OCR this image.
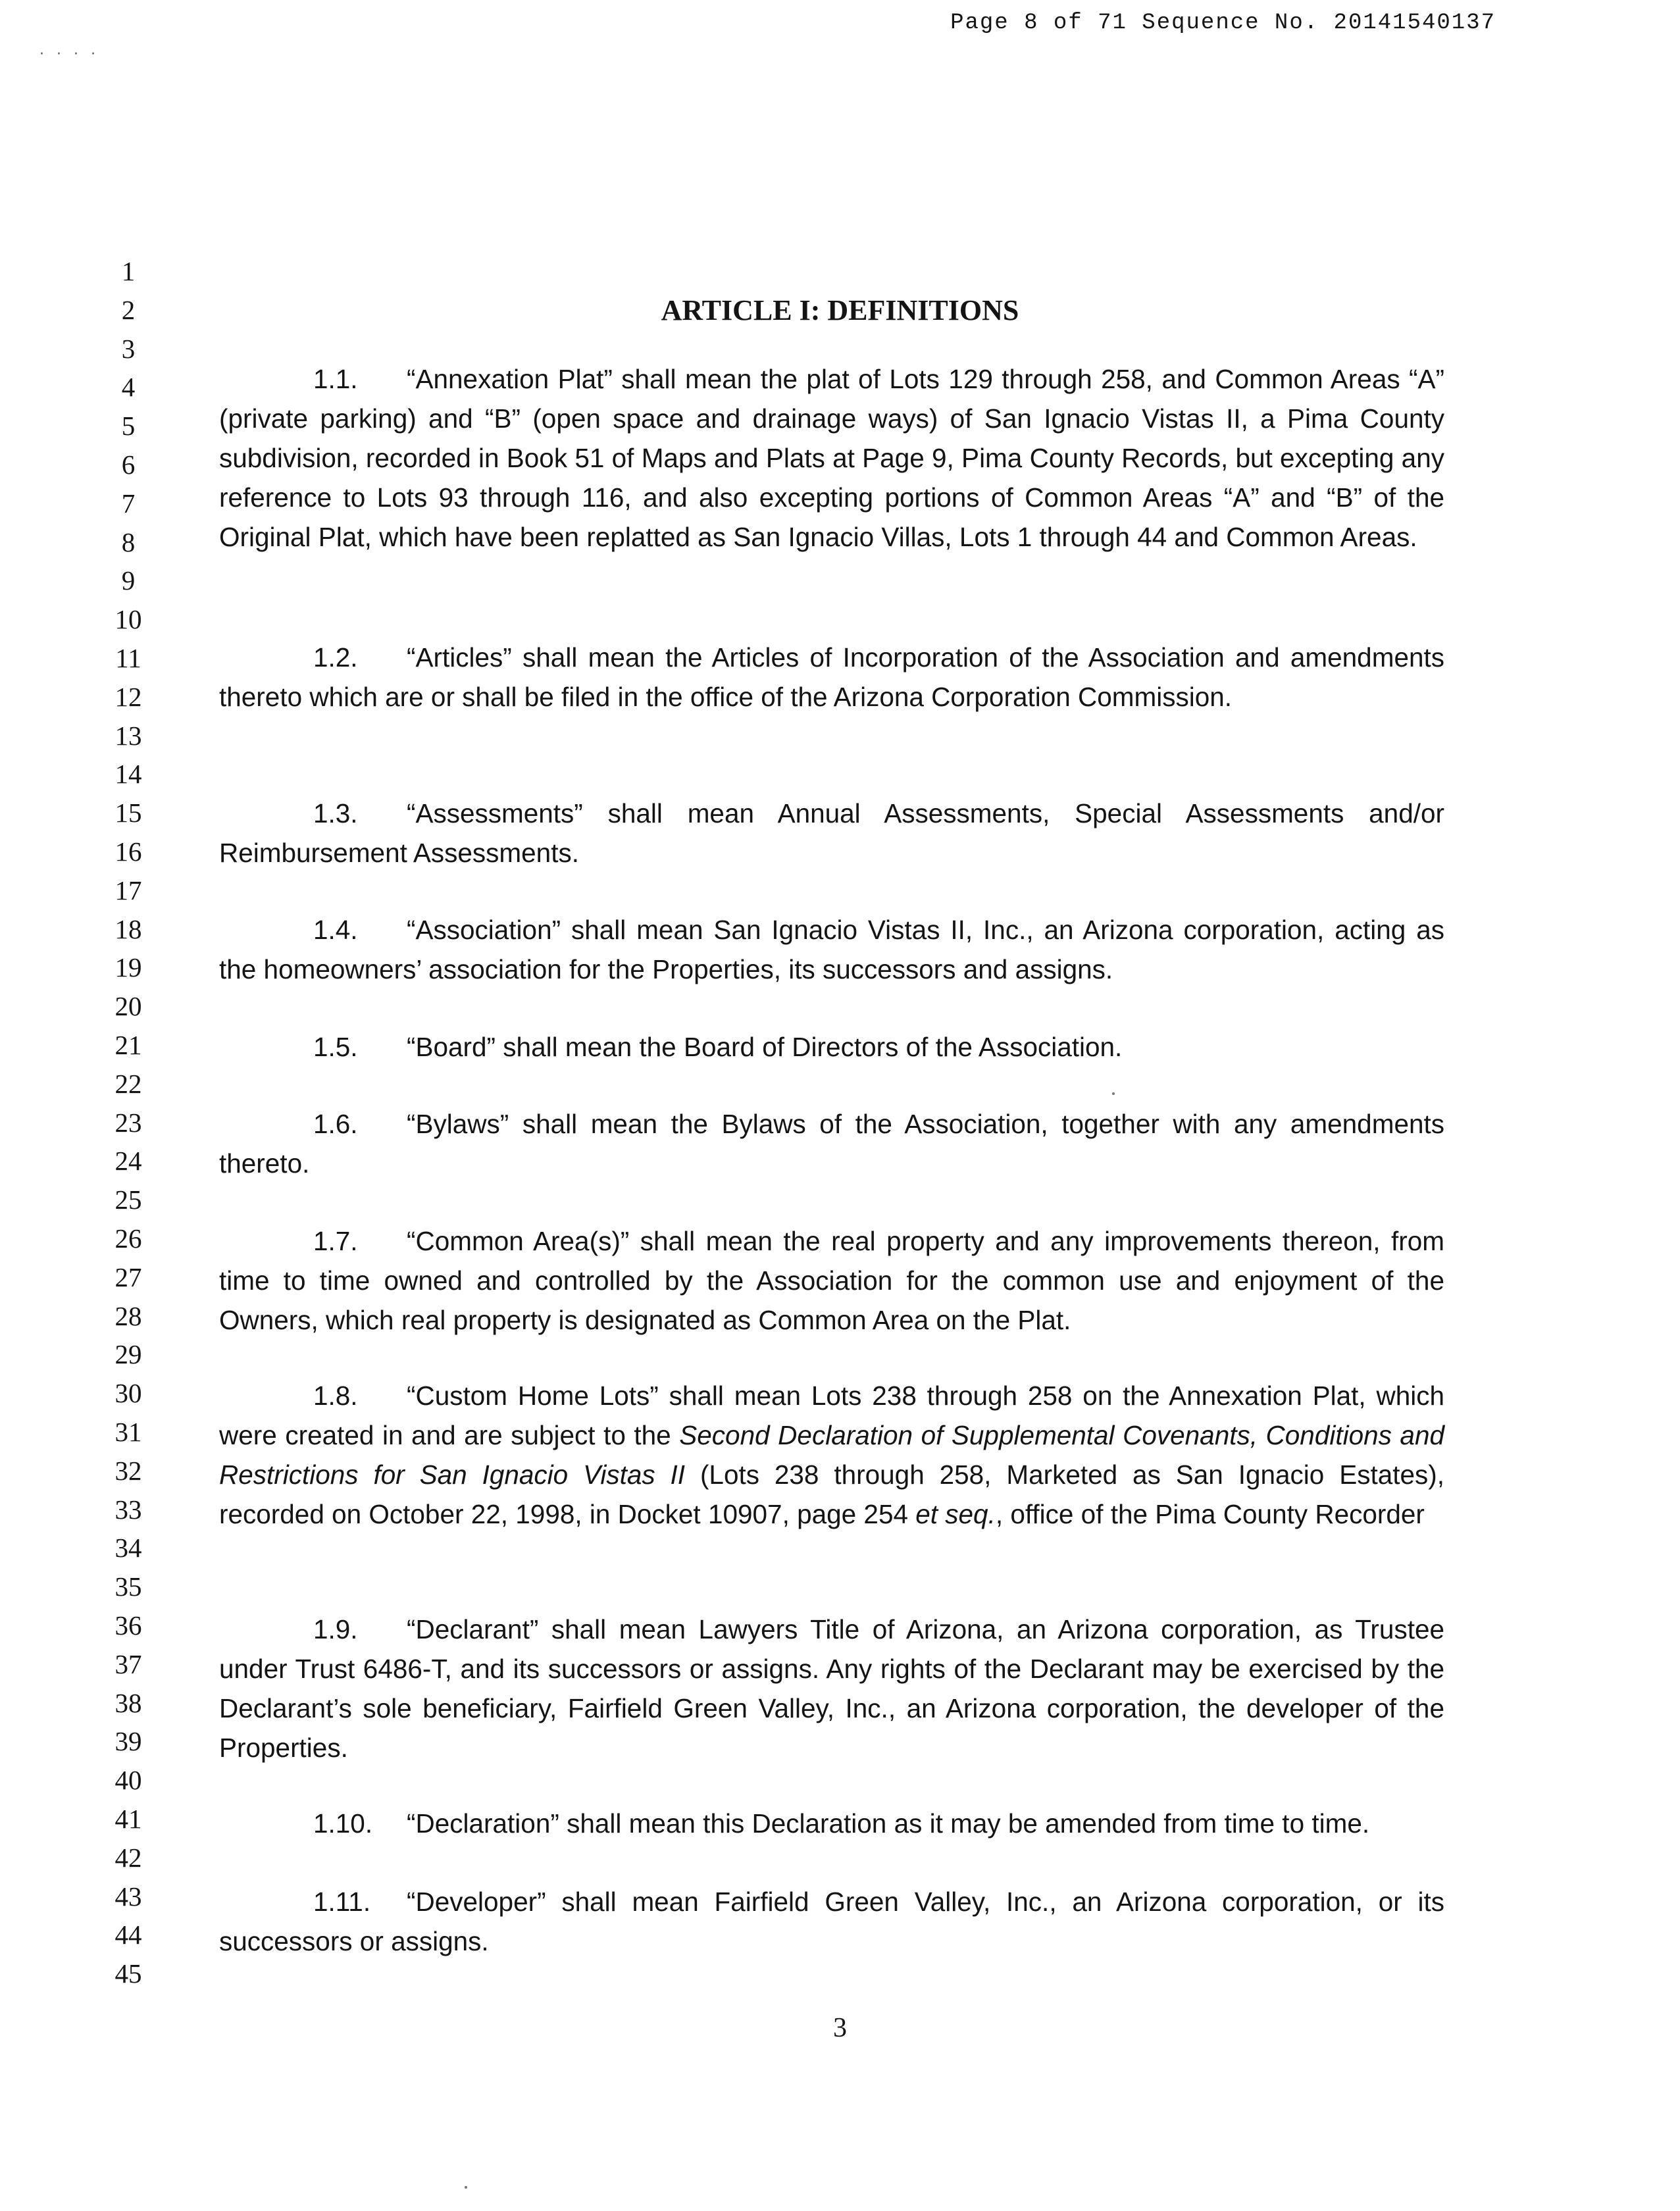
Page 8 of 71 Sequence No. 20141540137
· · · ·
1
2
3
4
5
6
7
8
9
10
11
12
13
14
15
16
17
18
19
20
21
22
23
24
25
26
27
28
29
30
31
32
33
34
35
36
37
38
39
40
41
42
43
44
45
ARTICLE I: DEFINITIONS
1.1. “Annexation Plat” shall mean the plat of Lots 129 through 258, and Common Areas “A” (private parking) and “B” (open space and drainage ways) of San Ignacio Vistas II, a Pima County subdivision, recorded in Book 51 of Maps and Plats at Page 9, Pima County Records, but excepting any reference to Lots 93 through 116, and also excepting portions of Common Areas “A” and “B” of the Original Plat, which have been replatted as San Ignacio Villas, Lots 1 through 44 and Common Areas.
1.2. “Articles” shall mean the Articles of Incorporation of the Association and amendments thereto which are or shall be filed in the office of the Arizona Corporation Commission.
1.3. “Assessments” shall mean Annual Assessments, Special Assessments and/or Reimbursement Assessments.
1.4. “Association” shall mean San Ignacio Vistas II, Inc., an Arizona corporation, acting as the homeowners’ association for the Properties, its successors and assigns.
1.5. “Board” shall mean the Board of Directors of the Association.
1.6. “Bylaws” shall mean the Bylaws of the Association, together with any amendments thereto.
1.7. “Common Area(s)” shall mean the real property and any improvements thereon, from time to time owned and controlled by the Association for the common use and enjoyment of the Owners, which real property is designated as Common Area on the Plat.
1.8. “Custom Home Lots” shall mean Lots 238 through 258 on the Annexation Plat, which were created in and are subject to the Second Declaration of Supplemental Covenants, Conditions and Restrictions for San Ignacio Vistas II (Lots 238 through 258, Marketed as San Ignacio Estates), recorded on October 22, 1998, in Docket 10907, page 254 et seq., office of the Pima County Recorder
1.9. “Declarant” shall mean Lawyers Title of Arizona, an Arizona corporation, as Trustee under Trust 6486-T, and its successors or assigns. Any rights of the Declarant may be exercised by the Declarant’s sole beneficiary, Fairfield Green Valley, Inc., an Arizona corporation, the developer of the Properties.
1.10. “Declaration” shall mean this Declaration as it may be amended from time to time.
1.11. “Developer” shall mean Fairfield Green Valley, Inc., an Arizona corporation, or its successors or assigns.
3
